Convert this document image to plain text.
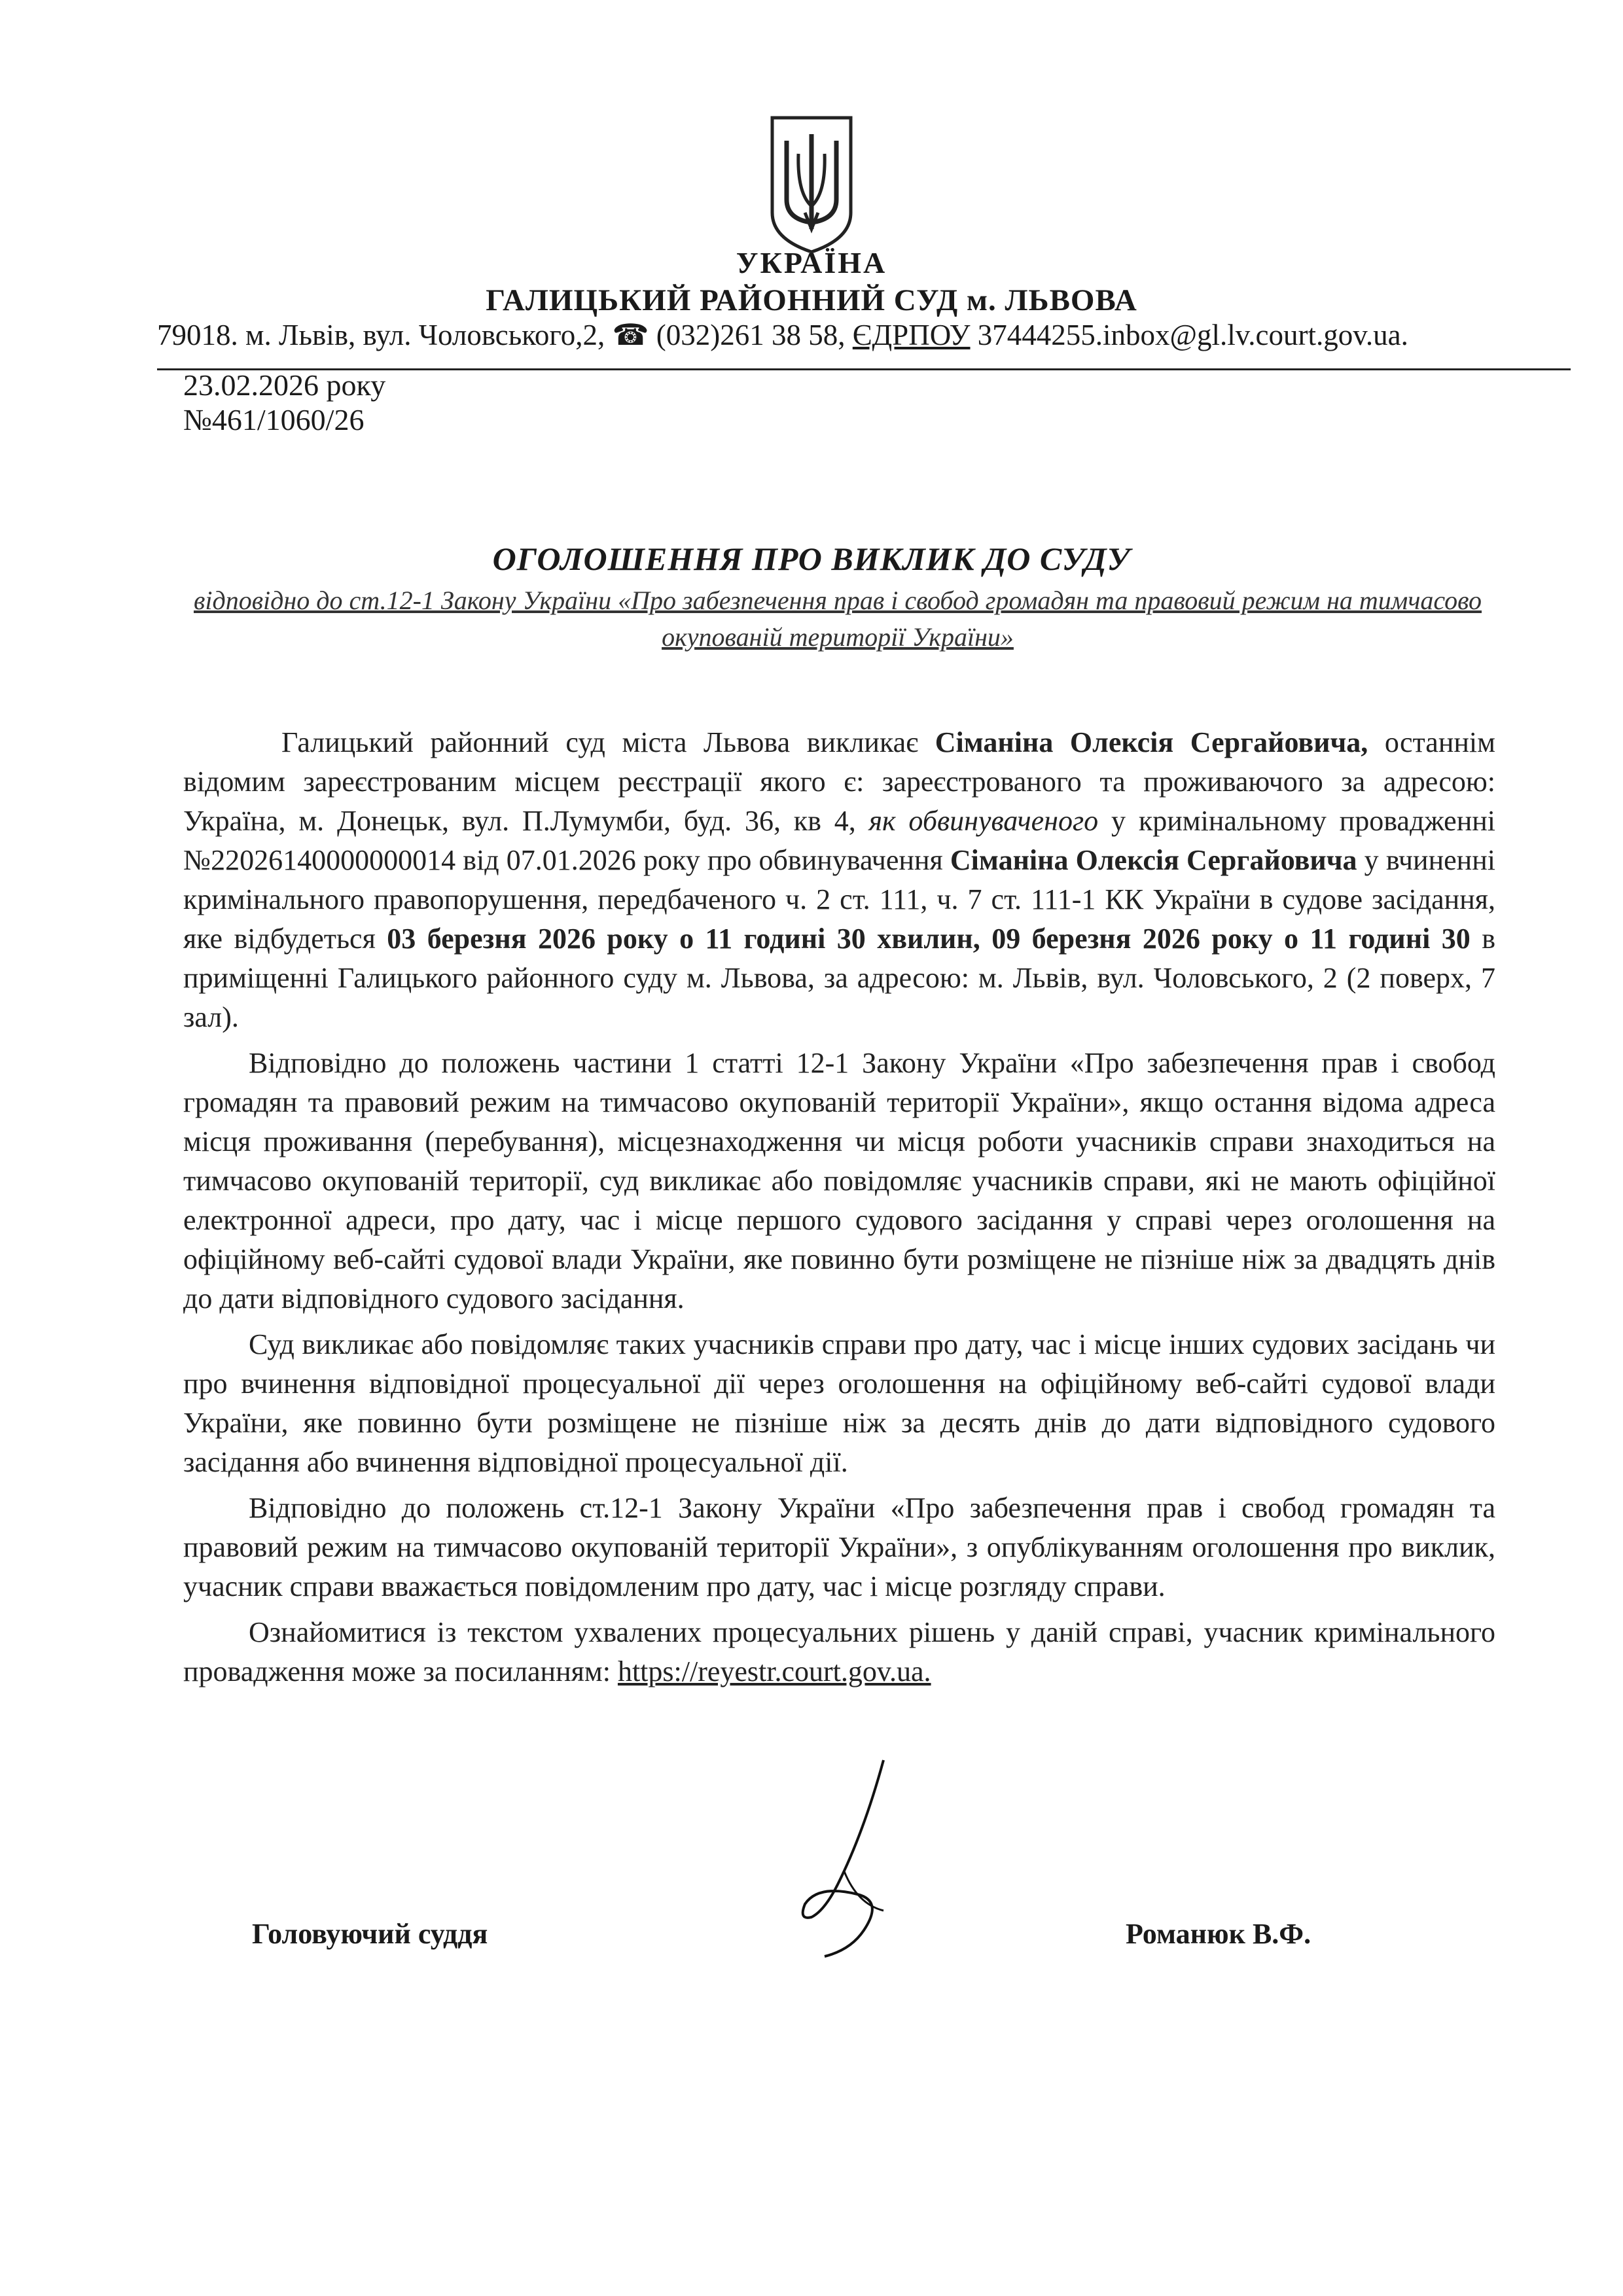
УКРАЇНА
ГАЛИЦЬКИЙ РАЙОННИЙ СУД м. ЛЬВОВА
79018. м. Львів, вул. Чоловського,2, ☎ (032)261 38 58, ЄДРПОУ 37444255.inbox@gl.lv.court.gov.ua.
23.02.2026 року
№461/1060/26
ОГОЛОШЕННЯ ПРО ВИКЛИК ДО СУДУ
відповідно до ст.12-1 Закону України «Про забезпечення прав і свобод громадян та правовий режим на тимчасово окупованій території України»

Галицький районний суд міста Львова викликає Сіманіна Олексія Сергайовича, останнім відомим зареєстрованим місцем реєстрації якого є: зареєстрованого та проживаючого за адресою: Україна, м. Донецьк, вул. П.Лумумби, буд. 36, кв 4, як обвинуваченого у кримінальному провадженні №22026140000000014 від 07.01.2026 року про обвинувачення Сіманіна Олексія Сергайовича у вчиненні кримінального правопорушення, передбаченого ч. 2 ст. 111, ч. 7 ст. 111-1 КК України в судове засідання, яке відбудеться 03 березня 2026 року о 11 годині 30 хвилин, 09 березня 2026 року о 11 годині 30 в приміщенні Галицького районного суду м. Львова, за адресою: м. Львів, вул. Чоловського, 2 (2 поверх, 7 зал).

Відповідно до положень частини 1 статті 12-1 Закону України «Про забезпечення прав і свобод громадян та правовий режим на тимчасово окупованій території України», якщо остання відома адреса місця проживання (перебування), місцезнаходження чи місця роботи учасників справи знаходиться на тимчасово окупованій території, суд викликає або повідомляє учасників справи, які не мають офіційної електронної адреси, про дату, час і місце першого судового засідання у справі через оголошення на офіційному веб-сайті судової влади України, яке повинно бути розміщене не пізніше ніж за двадцять днів до дати відповідного судового засідання.

Суд викликає або повідомляє таких учасників справи про дату, час і місце інших судових засідань чи про вчинення відповідної процесуальної дії через оголошення на офіційному веб-сайті судової влади України, яке повинно бути розміщене не пізніше ніж за десять днів до дати відповідного судового засідання або вчинення відповідної процесуальної дії.

Відповідно до положень ст.12-1 Закону України «Про забезпечення прав і свобод громадян та правовий режим на тимчасово окупованій території України», з опублікуванням оголошення про виклик, учасник справи вважається повідомленим про дату, час і місце розгляду справи.

Ознайомитися із текстом ухвалених процесуальних рішень у даній справі, учасник кримінального провадження може за посиланням: https://reyestr.court.gov.ua.

Головуючий суддя	Романюк В.Ф.
